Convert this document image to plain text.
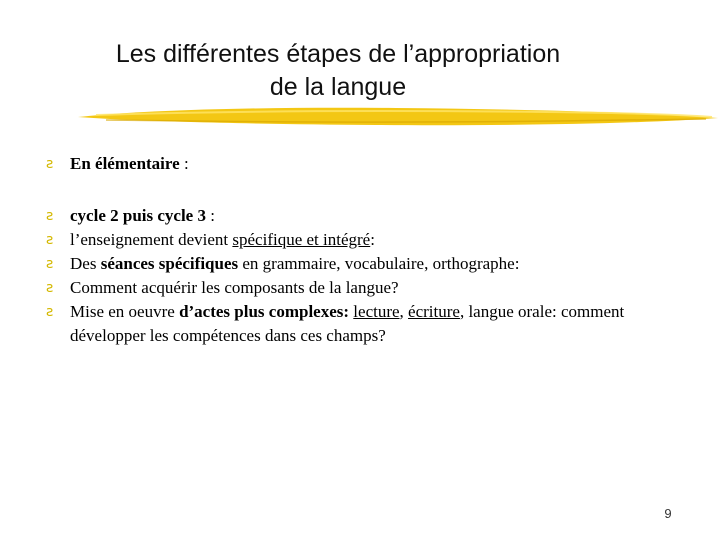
Les différentes étapes de l’appropriation
de la langue
ꙅ En élémentaire :
ꙅ cycle 2 puis cycle 3 :
ꙅ l’enseignement devient spécifique et intégré:
ꙅ Des séances spécifiques en grammaire, vocabulaire, orthographe:
ꙅ Comment acquérir les composants de la langue?
ꙅ Mise en oeuvre d’actes plus complexes: lecture, écriture, langue orale: comment développer les compétences dans ces champs?
9
